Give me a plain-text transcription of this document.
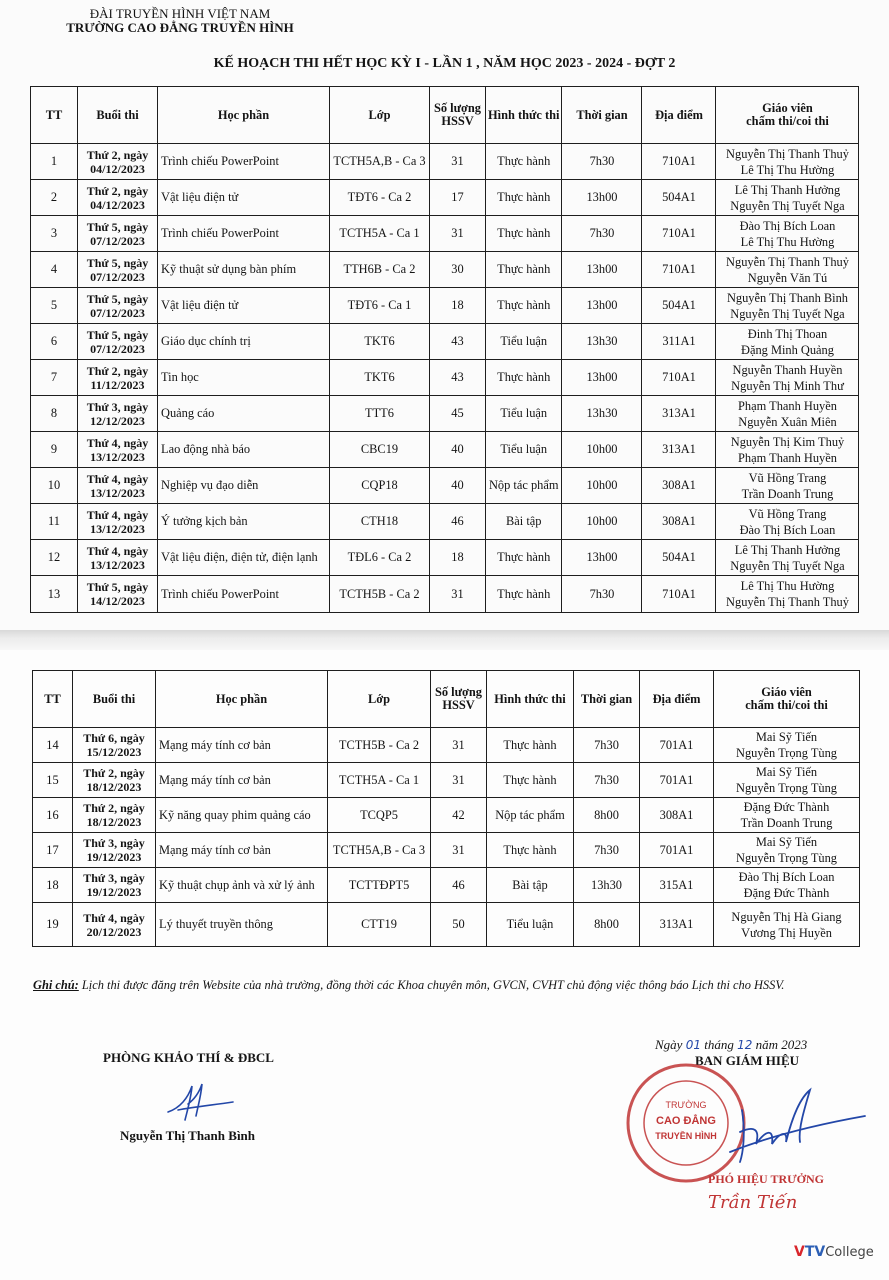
ĐÀI TRUYỀN HÌNH VIỆT NAM
TRƯỜNG CAO ĐẲNG TRUYỀN HÌNH
KẾ HOẠCH THI HẾT HỌC KỲ I - LẦN 1 , NĂM HỌC 2023 - 2024 - ĐỢT 2
TT	Buổi thi	Học phần	Lớp	Số lượng
HSSV	Hình thức thi	Thời gian	Địa điểm	Giáo viên
chấm thi/coi thi
1	Thứ 2, ngày
04/12/2023	Trình chiếu PowerPoint	TCTH5A,B - Ca 3	31	Thực hành	7h30	710A1	Nguyễn Thị Thanh Thuỷ
Lê Thị Thu Hường
2	Thứ 2, ngày
04/12/2023	Vật liệu điện tử	TĐT6 - Ca 2	17	Thực hành	13h00	504A1	Lê Thị Thanh Hưởng
Nguyễn Thị Tuyết Nga
3	Thứ 5, ngày
07/12/2023	Trình chiếu PowerPoint	TCTH5A - Ca 1	31	Thực hành	7h30	710A1	Đào Thị Bích Loan
Lê Thị Thu Hường
4	Thứ 5, ngày
07/12/2023	Kỹ thuật sử dụng bàn phím	TTH6B - Ca 2	30	Thực hành	13h00	710A1	Nguyễn Thị Thanh Thuỷ
Nguyễn Văn Tú
5	Thứ 5, ngày
07/12/2023	Vật liệu điện tử	TĐT6 - Ca 1	18	Thực hành	13h00	504A1	Nguyễn Thị Thanh Bình
Nguyễn Thị Tuyết Nga
6	Thứ 5, ngày
07/12/2023	Giáo dục chính trị	TKT6	43	Tiểu luận	13h30	311A1	Đinh Thị Thoan
Đặng Minh Quảng
7	Thứ 2, ngày
11/12/2023	Tin học	TKT6	43	Thực hành	13h00	710A1	Nguyễn Thanh Huyền
Nguyễn Thị Minh Thư
8	Thứ 3, ngày
12/12/2023	Quảng cáo	TTT6	45	Tiểu luận	13h30	313A1	Phạm Thanh Huyền
Nguyễn Xuân Miên
9	Thứ 4, ngày
13/12/2023	Lao động nhà báo	CBC19	40	Tiểu luận	10h00	313A1	Nguyễn Thị Kim Thuỷ
Phạm Thanh Huyền
10	Thứ 4, ngày
13/12/2023	Nghiệp vụ đạo diễn	CQP18	40	Nộp tác phẩm	10h00	308A1	Vũ Hồng Trang
Trần Doanh Trung
11	Thứ 4, ngày
13/12/2023	Ý tưởng kịch bản	CTH18	46	Bài tập	10h00	308A1	Vũ Hồng Trang
Đào Thị Bích Loan
12	Thứ 4, ngày
13/12/2023	Vật liệu điện, điện tử, điện lạnh	TĐL6 - Ca 2	18	Thực hành	13h00	504A1	Lê Thị Thanh Hưởng
Nguyễn Thị Tuyết Nga
13	Thứ 5, ngày
14/12/2023	Trình chiếu PowerPoint	TCTH5B - Ca 2	31	Thực hành	7h30	710A1	Lê Thị Thu Hường
Nguyễn Thị Thanh Thuỷ
TT	Buổi thi	Học phần	Lớp	Số lượng
HSSV	Hình thức thi	Thời gian	Địa điểm	Giáo viên
chấm thi/coi thi
14	Thứ 6, ngày
15/12/2023	Mạng máy tính cơ bản	TCTH5B - Ca 2	31	Thực hành	7h30	701A1	Mai Sỹ Tiến
Nguyễn Trọng Tùng
15	Thứ 2, ngày
18/12/2023	Mạng máy tính cơ bản	TCTH5A - Ca 1	31	Thực hành	7h30	701A1	Mai Sỹ Tiến
Nguyễn Trọng Tùng
16	Thứ 2, ngày
18/12/2023	Kỹ năng quay phim quảng cáo	TCQP5	42	Nộp tác phẩm	8h00	308A1	Đặng Đức Thành
Trần Doanh Trung
17	Thứ 3, ngày
19/12/2023	Mạng máy tính cơ bản	TCTH5A,B - Ca 3	31	Thực hành	7h30	701A1	Mai Sỹ Tiến
Nguyễn Trọng Tùng
18	Thứ 3, ngày
19/12/2023	Kỹ thuật chụp ảnh và xử lý ảnh	TCTTĐPT5	46	Bài tập	13h30	315A1	Đào Thị Bích Loan
Đặng Đức Thành
19	Thứ 4, ngày
20/12/2023	Lý thuyết truyền thông	CTT19	50	Tiểu luận	8h00	313A1	Nguyễn Thị Hà Giang
Vương Thị Huyền
Ghi chú: Lịch thi được đăng trên Website của nhà trường, đồng thời các Khoa chuyên môn, GVCN, CVHT chủ động việc thông báo Lịch thi cho HSSV.
PHÒNG KHẢO THÍ & ĐBCL
Nguyễn Thị Thanh Bình
Ngày 01 tháng 12 năm 2023
BAN GIÁM HIỆU
TRƯỜNG
CAO ĐẲNG
TRUYỀN HÌNH
PHÓ HIỆU TRƯỞNG
Trần Tiến
VTVCollege
